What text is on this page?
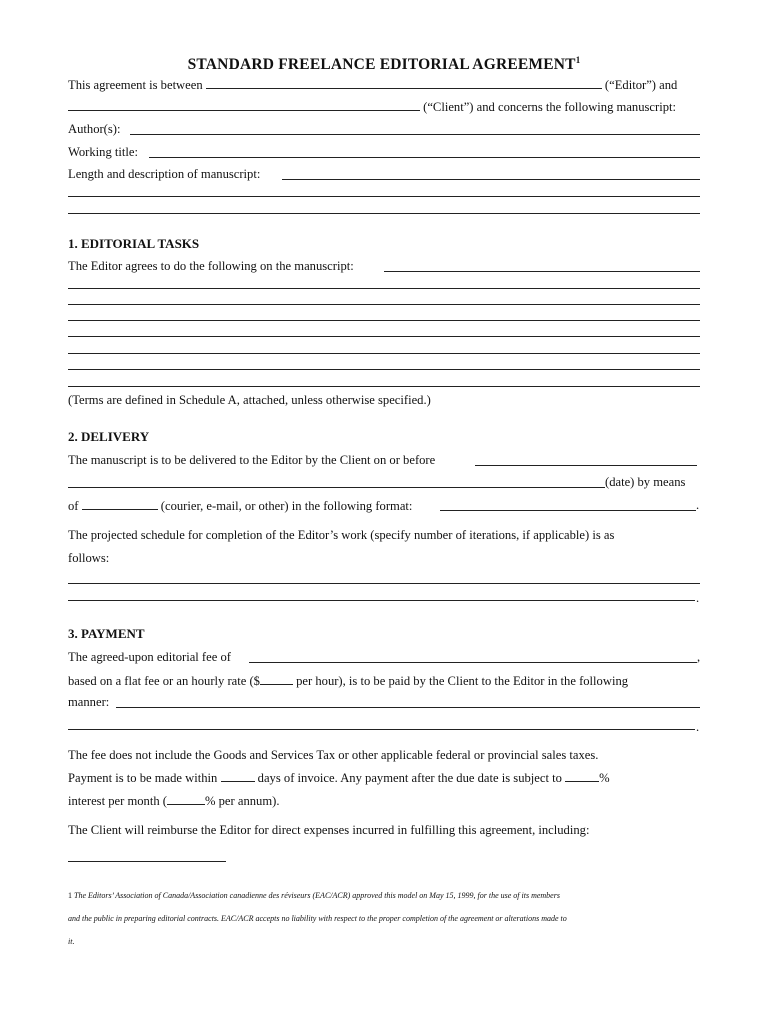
STANDARD FREELANCE EDITORIAL AGREEMENT$^1$
This agreement is between	(“Editor”) and
(“Client”) and concerns the following manuscript:
Author(s):
Working title:
Length and description of manuscript:
1. EDITORIAL TASKS
The Editor agrees to do the following on the manuscript:
(Terms are defined in Schedule A, attached, unless otherwise specified.)
2. DELIVERY
The manuscript is to be delivered to the Editor by the Client on or before
(date) by means
of	(courier, e-mail, or other) in the following format:	.
The projected schedule for completion of the Editor’s work (specify number of iterations, if applicable) is as
follows:
.
3. PAYMENT
The agreed-upon editorial fee of	,
based on a flat fee or an hourly rate ($	per hour), is to be paid by the Client to the Editor in the following
manner:
.
The fee does not include the Goods and Services Tax or other applicable federal or provincial sales taxes.
Payment is to be made within	days of invoice. Any payment after the due date is subject to	%
interest per month (	% per annum).
The Client will reimburse the Editor for direct expenses incurred in fulfilling this agreement, including:
1 The Editors’ Association of Canada/Association canadienne des réviseurs (EAC/ACR) approved this model on May 15, 1999, for the use of its members
and the public in preparing editorial contracts. EAC/ACR accepts no liability with respect to the proper completion of the agreement or alterations made to
it.
